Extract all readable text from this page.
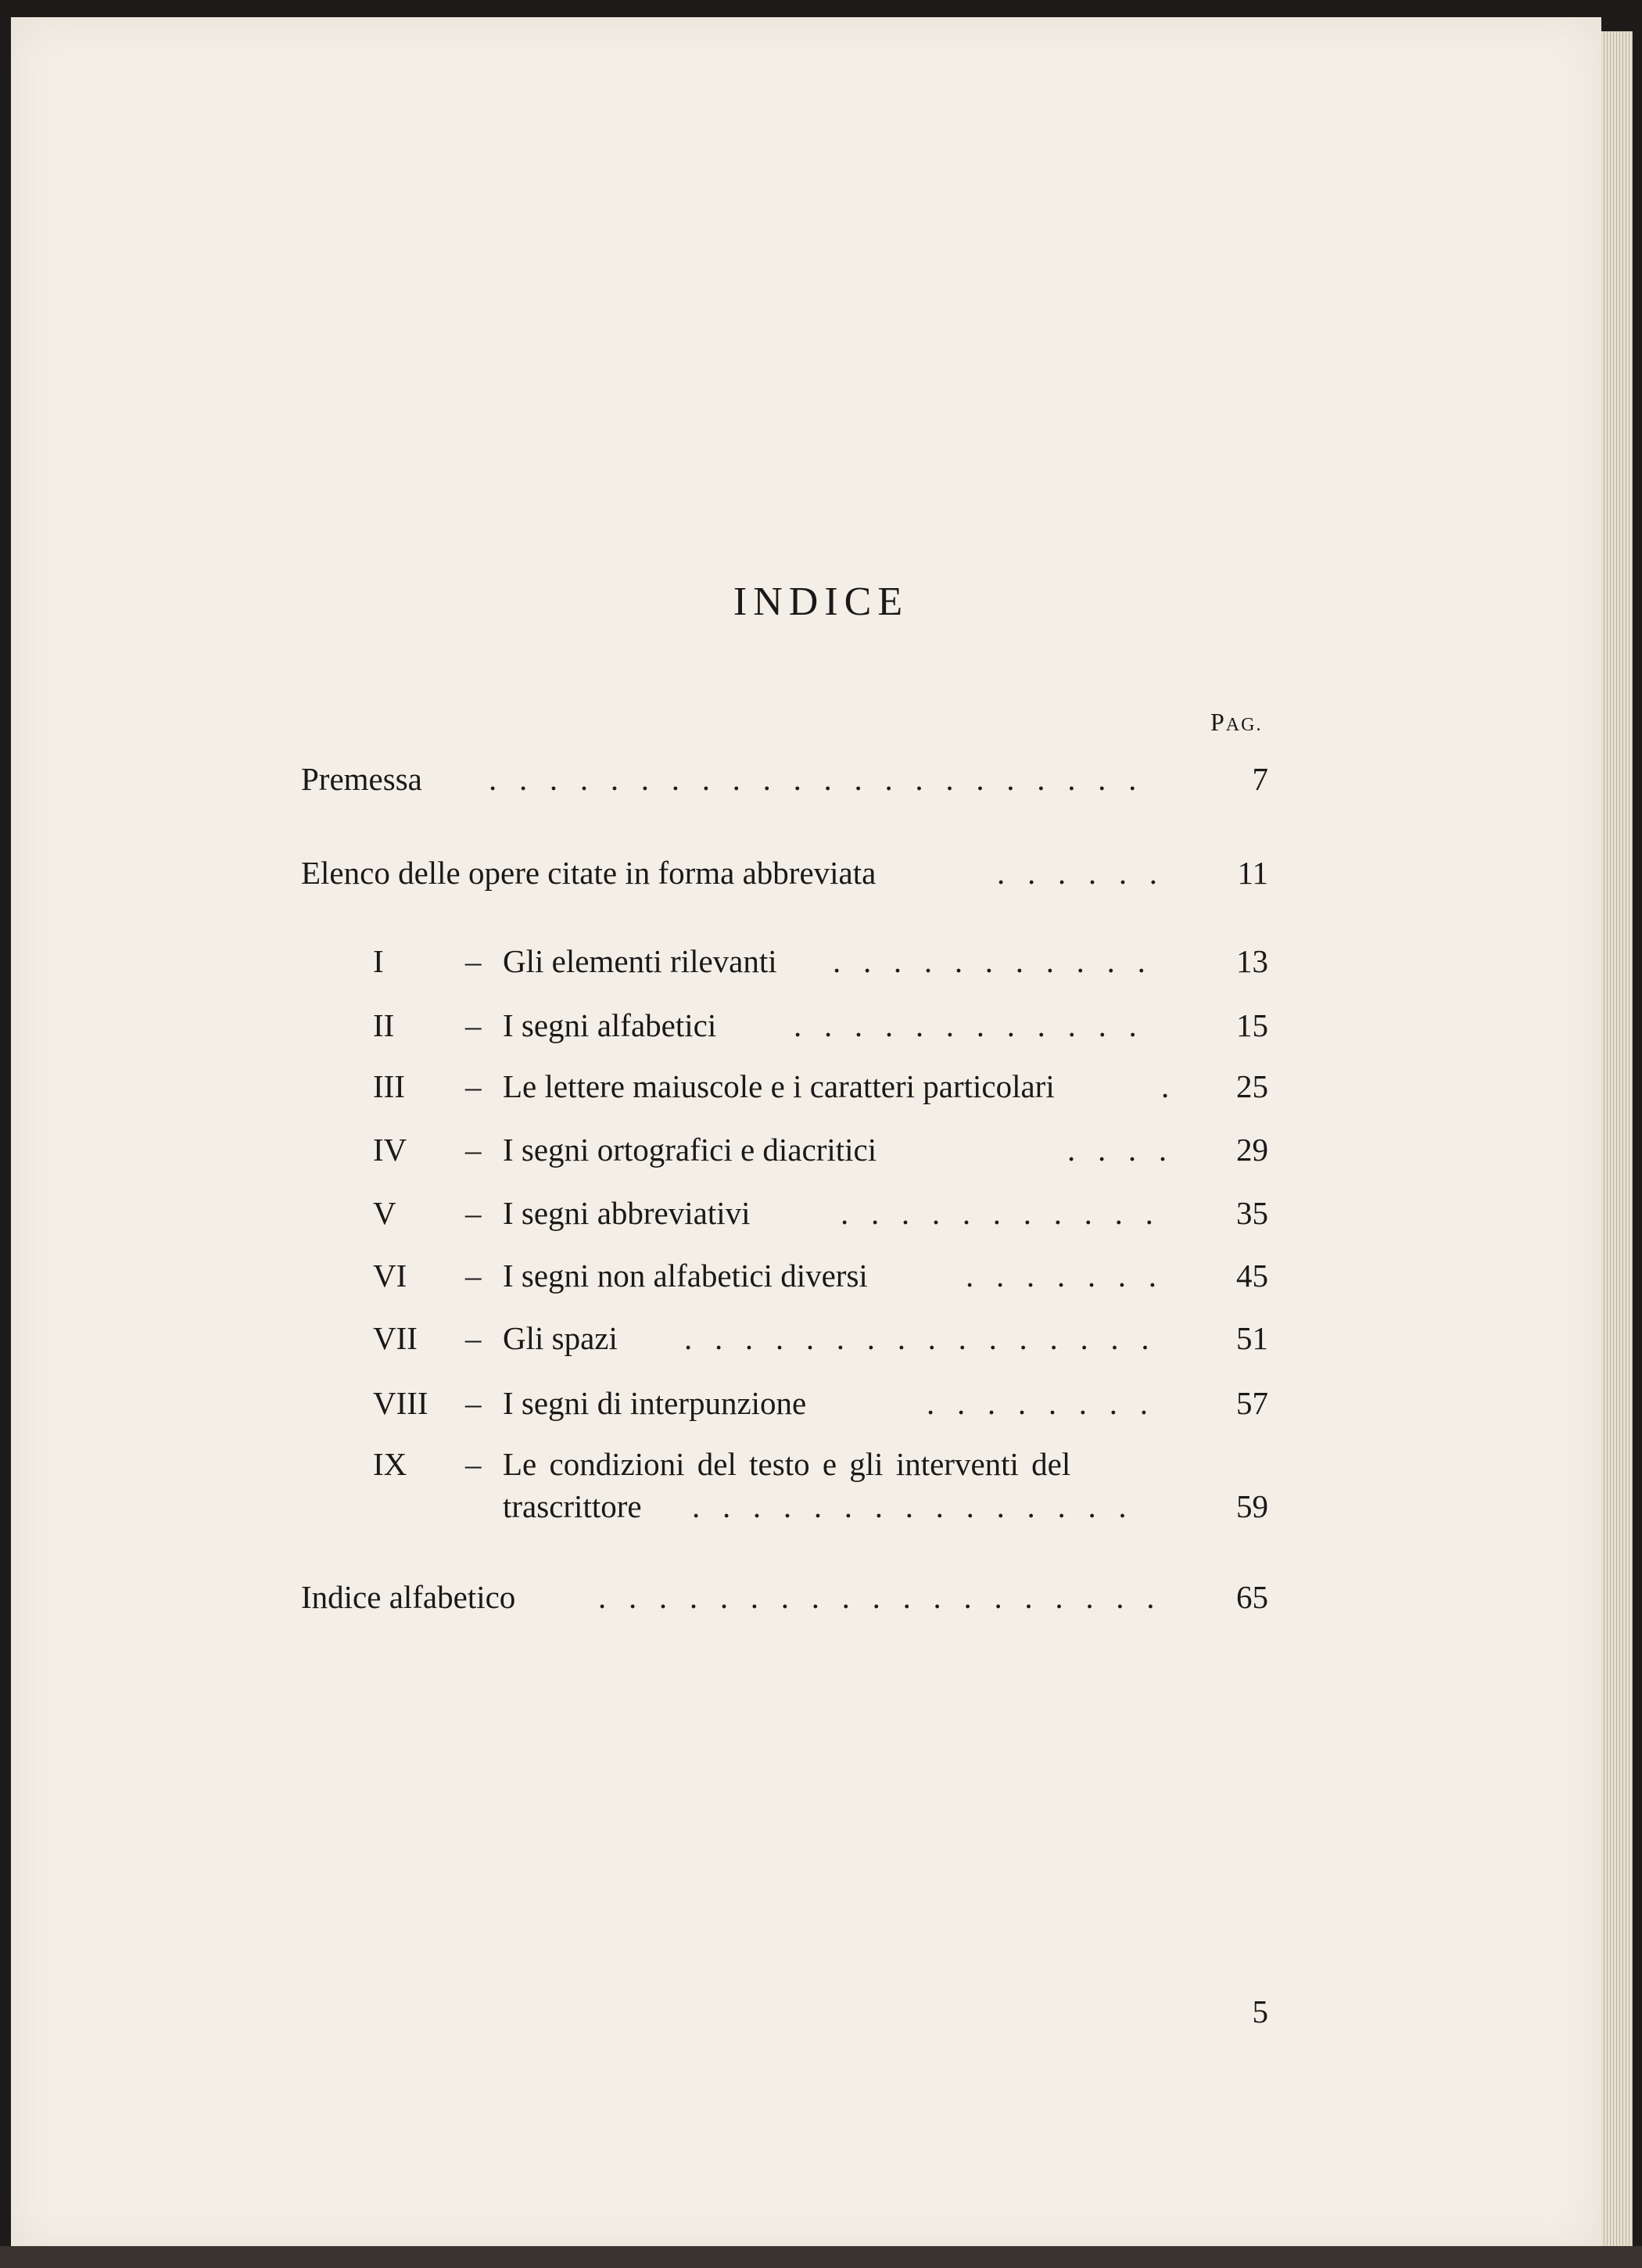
INDICE
PAG.
Premessa .  .  .  .  .  .  .  .  .  .  .  .  .  .  .  .  .  .  .  .  .  .	7
Elenco delle opere citate in forma abbreviata	.  .  .  .  .  .	11
I	– Gli elementi rilevanti .  .  .  .  .  .  .  .  .  .  .	13
II – I segni alfabetici .  .  .  .  .  .  .  .  .  .  .  .	15
III – Le lettere maiuscole e i caratteri particolari	.	25
IV – I segni ortografici e diacritici	.  .  .  .	29
V – I segni abbreviativi	.  .  .  .  .  .  .  .  .  .  .	35
VI – I segni non alfabetici diversi	.  .  .  .  .  .  .	45
VII – Gli spazi .  .  .  .  .  .  .  .  .  .  .  .  .  .  .  .	51
VIII – I segni di interpunzione	.  .  .  .  .  .  .  .	57
IX – Le condizioni del testo e gli interventi del
trascrittore .  .  .  .  .  .  .  .  .  .  .  .  .  .  .	59
Indice alfabetico	.  .  .  .  .  .  .  .  .  .  .  .  .  .  .  .  .  .  .	65
5
